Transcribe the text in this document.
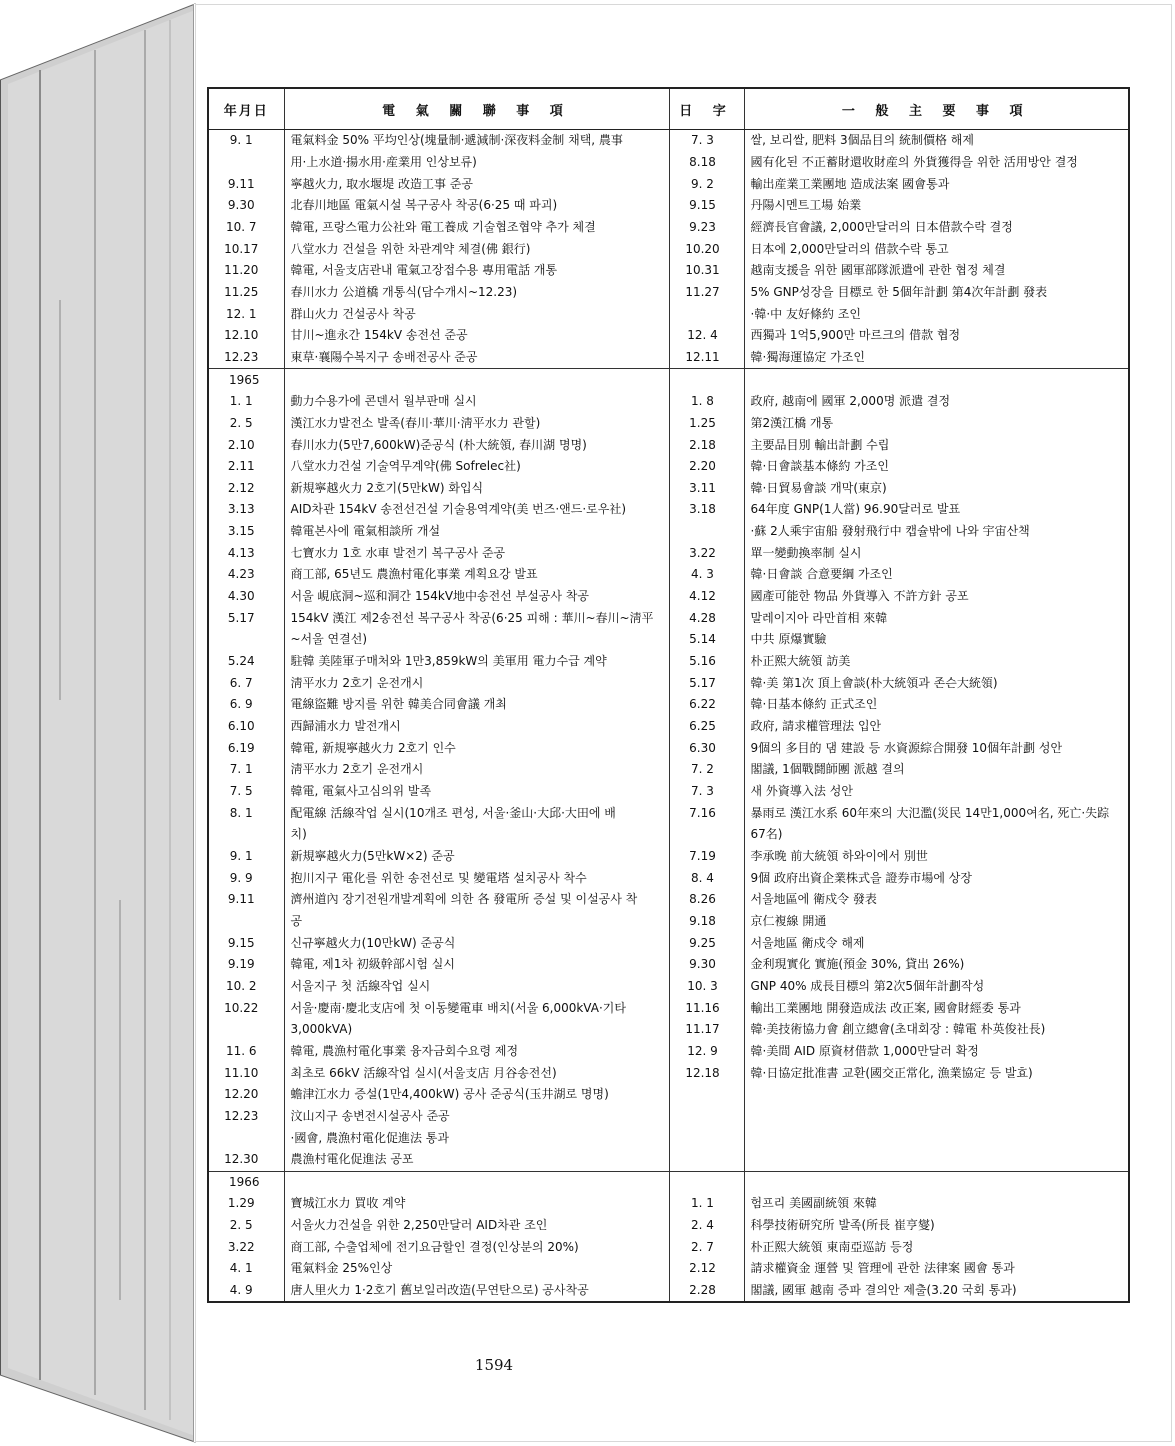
年月日	電 氣 關 聯 事 項	日 字	一 般 主 要 事 項
9. 1	電氣料金 50% 平均인상(塊量制·遞減制·深夜料金制 채택, 農事	7. 3	쌀, 보리쌀, 肥料 3個品目의 統制價格 해제
	用·上水道·揚水用·産業用 인상보류)	8.18	國有化된 不正蓄財還收財産의 外貨獲得을 위한 活用방안 결정
9.11	寧越火力, 取水堰堤 改造工事 준공	9. 2	輸出産業工業團地 造成法案 國會통과
9.30	北春川地區 電氣시설 복구공사 착공(6·25 때 파괴)	9.15	丹陽시멘트工場 始業
10. 7	韓電, 프랑스電力公社와 電工養成 기술협조협약 추가 체결	9.23	經濟長官會議, 2,000만달러의 日本借款수락 결정
10.17	八堂水力 건설을 위한 차관계약 체결(佛 銀行)	10.20	日本에 2,000만달러의 借款수락 통고
11.20	韓電, 서울支店관내 電氣고장접수용 專用電話 개통	10.31	越南支援을 위한 國軍部隊派遣에 관한 협정 체결
11.25	春川水力 公道橋 개통식(담수개시~12.23)	11.27	5% GNP성장을 目標로 한 5個年計劃 第4次年計劃 發表
12. 1	群山火力 건설공사 착공		·韓·中 友好條約 조인
12.10	甘川~進永간 154kV 송전선 준공	12. 4	西獨과 1억5,900만 마르크의 借款 협정
12.23	東草·襄陽수복지구 송배전공사 준공	12.11	韓·獨海運協定 가조인
1965			
1. 1	動力수용가에 콘덴서 월부판매 실시	1. 8	政府, 越南에 國軍 2,000명 派遣 결정
2. 5	漢江水力발전소 발족(春川·華川·淸平水力 관할)	1.25	第2漢江橋 개통
2.10	春川水力(5만7,600kW)준공식 (朴大統領, 春川湖 명명)	2.18	主要品目別 輸出計劃 수립
2.11	八堂水力건설 기술역무계약(佛 Sofrelec社)	2.20	韓·日會談基本條約 가조인
2.12	新規寧越火力 2호기(5만kW) 화입식	3.11	韓·日貿易會談 개막(東京)
3.13	AID차관 154kV 송전선건설 기술용역계약(美 번즈·앤드·로우社)	3.18	64年度 GNP(1人當) 96.90달러로 발표
3.15	韓電본사에 電氣相談所 개설		·蘇 2人乘宇宙船 發射飛行中 캡슐밖에 나와 宇宙산책
4.13	七寶水力 1호 水車 발전기 복구공사 준공	3.22	單一變動換率制 실시
4.23	商工部, 65년도 農漁村電化事業 계획요강 발표	4. 3	韓·日會談 合意要綱 가조인
4.30	서울 峴底洞~巡和洞간 154kV地中송전선 부설공사 착공	4.12	國產可能한 物品 外貨導入 不許方針 공포
5.17	154kV 漢江 제2송전선 복구공사 착공(6·25 피해 : 華川~春川~淸平	4.28	말레이지아 라만首相 來韓
	~서울 연결선)	5.14	中共 原爆實驗
5.24	駐韓 美陸軍子매처와 1만3,859kW의 美軍用 電力수급 계약	5.16	朴正熙大統領 訪美
6. 7	淸平水力 2호기 운전개시	5.17	韓·美 第1次 頂上會談(朴大統領과 존슨大統領)
6. 9	電線盜難 방지를 위한 韓美合同會議 개최	6.22	韓·日基本條約 正式조인
6.10	西歸浦水力 발전개시	6.25	政府, 請求權管理法 입안
6.19	韓電, 新規寧越火力 2호기 인수	6.30	9個의 多目的 댐 建設 등 水資源綜合開發 10個年計劃 성안
7. 1	淸平水力 2호기 운전개시	7. 2	閣議, 1個戰鬪師團 派越 결의
7. 5	韓電, 電氣사고심의위 발족	7. 3	새 外資導入法 성안
8. 1	配電線 活線작업 실시(10개조 편성, 서울·釜山·大邱·大田에 배	7.16	暴雨로 漢江水系 60年來의 大氾濫(災民 14만1,000여名, 死亡·失踪
	치)		67名)
9. 1	新規寧越火力(5만kW×2) 준공	7.19	李承晚 前大統領 하와이에서 別世
9. 9	抱川지구 電化를 위한 송전선로 및 變電塔 설치공사 착수	8. 4	9個 政府出資企業株式을 證券市場에 상장
9.11	濟州道內 장기전원개발계획에 의한 各 發電所 증설 및 이설공사 착	8.26	서울地區에 衛戍令 發表
	공	9.18	京仁複線 開通
9.15	신규寧越火力(10만kW) 준공식	9.25	서울地區 衛戍令 해제
9.19	韓電, 제1차 初級幹部시험 실시	9.30	金利現實化 實施(預金 30%, 貸出 26%)
10. 2	서울지구 첫 活線작업 실시	10. 3	GNP 40% 成長目標의 第2次5個年計劃작성
10.22	서울·慶南·慶北支店에 첫 이동變電車 배치(서울 6,000kVA·기타	11.16	輸出工業團地 開發造成法 改正案, 國會財經委 통과
	3,000kVA)	11.17	韓·美技術協力會 創立總會(초대회장 : 韓電 朴英俊社長)
11. 6	韓電, 農漁村電化事業 융자금회수요령 제정	12. 9	韓·美間 AID 原資材借款 1,000만달러 확정
11.10	최초로 66kV 活線작업 실시(서울支店 月谷송전선)	12.18	韓·日協定批准書 교환(國交正常化, 漁業協定 등 발효)
12.20	蟾津江水力 증설(1만4,400kW) 공사 준공식(玉井湖로 명명)		
12.23	汶山지구 송변전시설공사 준공		
	·國會, 農漁村電化促進法 통과		
12.30	農漁村電化促進法 공포		
1966			
1.29	寶城江水力 買收 계약	1. 1	험프리 美國副統領 來韓
2. 5	서울火力건설을 위한 2,250만달러 AID차관 조인	2. 4	科學技術研究所 발족(所長 崔亨燮)
3.22	商工部, 수출업체에 전기요금할인 결정(인상분의 20%)	2. 7	朴正熙大統領 東南亞巡訪 등정
4. 1	電氣料金 25%인상	2.12	請求權資金 運營 및 管理에 관한 法律案 國會 통과
4. 9	唐人里火力 1·2호기 舊보일러改造(무연탄으로) 공사착공	2.28	閣議, 國軍 越南 증파 결의안 제출(3.20 국회 통과)
1594
